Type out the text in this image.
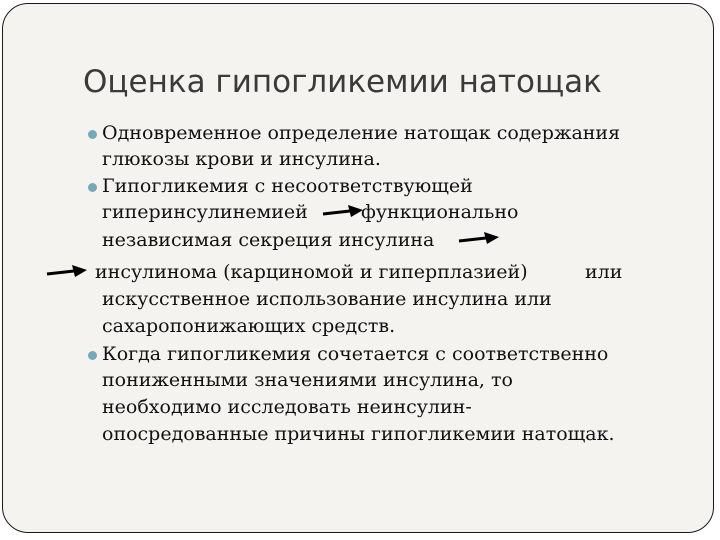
Оценка гипогликемии натощак
Одновременное определение натощак содержания
глюкозы крови и инсулина.
Гипогликемия с несоответствующей
гиперинсулинемией	функционально
независимая секреция инсулина
инсулинома (карциномой и гиперплазией)	или
искусственное использование инсулина или
сахаропонижающих средств.
Когда гипогликемия сочетается с соответственно
пониженными значениями инсулина, то
необходимо исследовать неинсулин-
опосредованные причины гипогликемии натощак.
